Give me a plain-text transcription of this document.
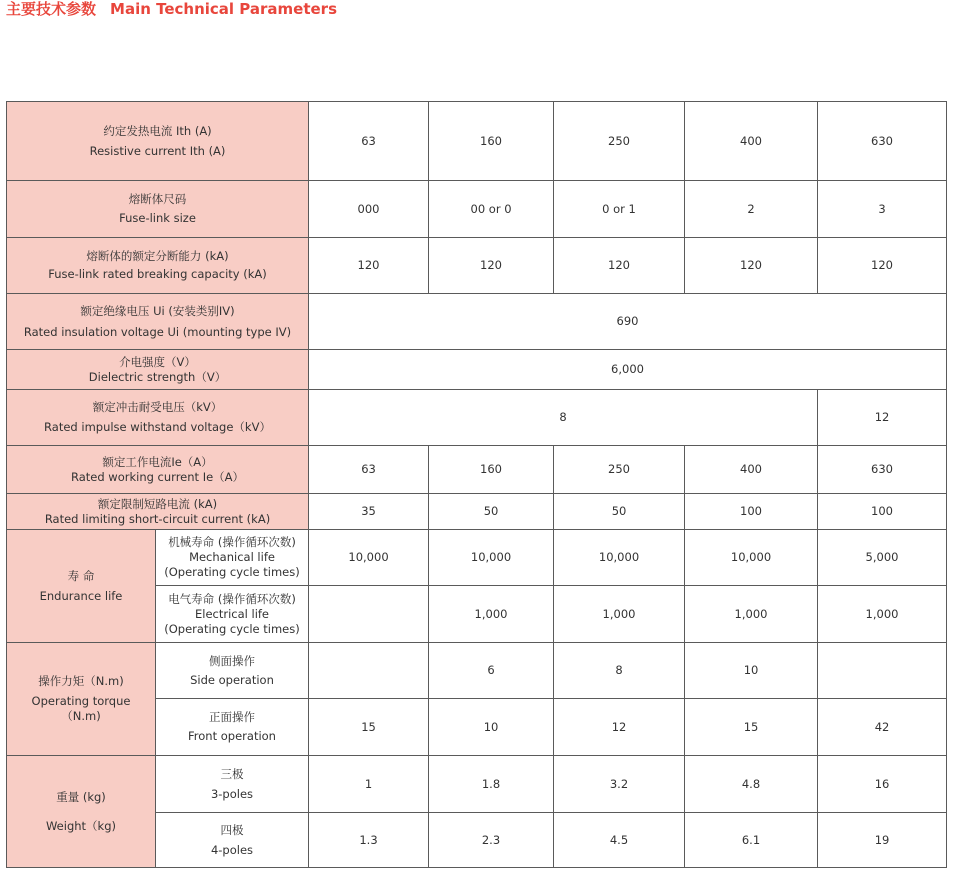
主要技术参数 Main Technical Parameters
约定发热电流 Ith (A)
Resistive current Ith (A)		63	160	250	400	630

熔断体尺码
Fuse-link size		000	00 or 0	0 or 1	2	3

熔断体的额定分断能力 (kA)
Fuse-link rated breaking capacity (kA)		120	120	120	120	120

额定绝缘电压 Ui (安装类别IV)
Rated insulation voltage Ui (mounting type IV)		690				

介电强度（V）
Dielectric strength（V）		6,000				

额定冲击耐受电压（kV）
Rated impulse withstand voltage（kV）		8				12

额定工作电流Ie（A）
Rated working current Ie（A）		63	160	250	400	630

额定限制短路电流 (kA)
Rated limiting short-circuit current (kA)		35	50	50	100	100

寿 命
Endurance life	机械寿命 (操作循环次数)
Mechanical life
(Operating cycle times)	10,000	10,000	10,000	10,000	5,000

	电气寿命 (操作循环次数)
Electrical life
(Operating cycle times)		1,000	1,000	1,000	1,000

操作力矩（N.m)
Operating torque
（N.m)	侧面操作
Side operation		6	8	10	

	正面操作
Front operation	15	10	12	15	42

重量 (kg)
Weight（kg)	三极
3-poles	1	1.8	3.2	4.8	16

	四极
4-poles	1.3	2.3	4.5	6.1	19
